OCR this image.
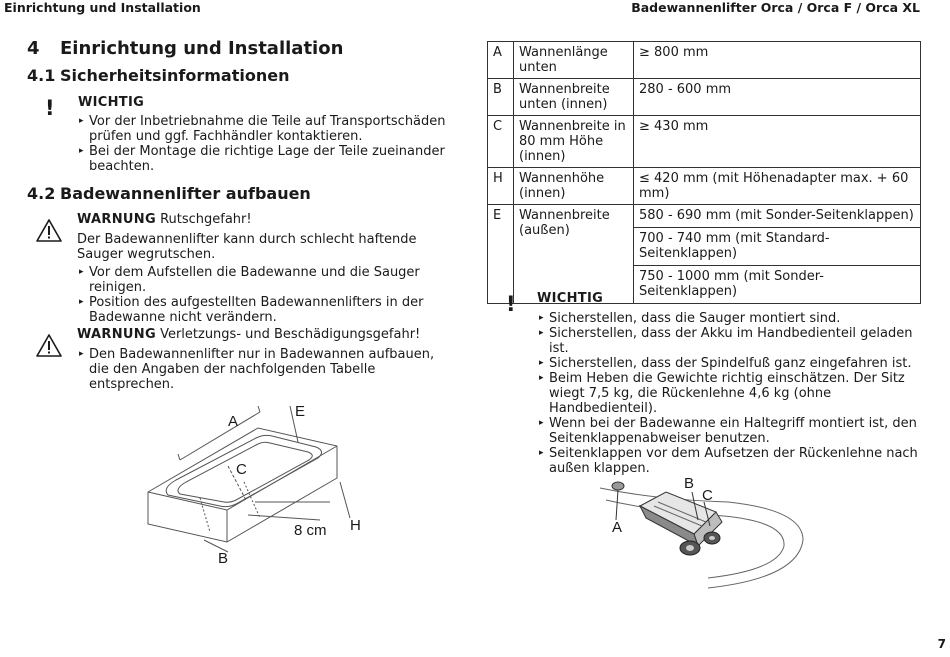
Einrichtung und Installation	Badewannenlifter Orca / Orca F / Orca XL
4 Einrichtung und Installation
4.1 Sicherheitsinformationen
! WICHTIG
▸ Vor der Inbetriebnahme die Teile auf Transportschäden prüfen und ggf. Fachhändler kontaktieren.
▸ Bei der Montage die richtige Lage der Teile zueinander beachten.
4.2 Badewannenlifter aufbauen
WARNUNG Rutschgefahr!
Der Badewannenlifter kann durch schlecht haftende Sauger wegrutschen.
▸ Vor dem Aufstellen die Badewanne und die Sauger reinigen.
▸ Position des aufgestellten Badewannenlifters in der Badewanne nicht verändern.
WARNUNG Verletzungs- und Beschädigungsgefahr!
▸ Den Badewannenlifter nur in Badewannen aufbauen, die den Angaben der nachfolgenden Tabelle entsprechen.
A
E
C
8 cm H
B
A	Wannenlänge unten	≥ 800 mm
B	Wannenbreite unten (innen)	280 - 600 mm
C	Wannenbreite in 80 mm Höhe (innen)	≥ 430 mm
H	Wannenhöhe (innen)	≤ 420 mm (mit Höhenadapter max. + 60 mm)
E	Wannenbreite (außen)	580 - 690 mm (mit Sonder-Seitenklappen)
700 - 740 mm (mit Standard-Seitenklappen)
750 - 1000 mm (mit Sonder-Seitenklappen)
! WICHTIG
▸ Sicherstellen, dass die Sauger montiert sind.
▸ Sicherstellen, dass der Akku im Handbedienteil geladen ist.
▸ Sicherstellen, dass der Spindelfuß ganz eingefahren ist.
▸ Beim Heben die Gewichte richtig einschätzen. Der Sitz wiegt 7,5 kg, die Rückenlehne 4,6 kg (ohne Handbedienteil).
▸ Wenn bei der Badewanne ein Haltegriff montiert ist, den Seitenklappenabweiser benutzen.
▸ Seitenklappen vor dem Aufsetzen der Rückenlehne nach außen klappen.
A
B
C
7
